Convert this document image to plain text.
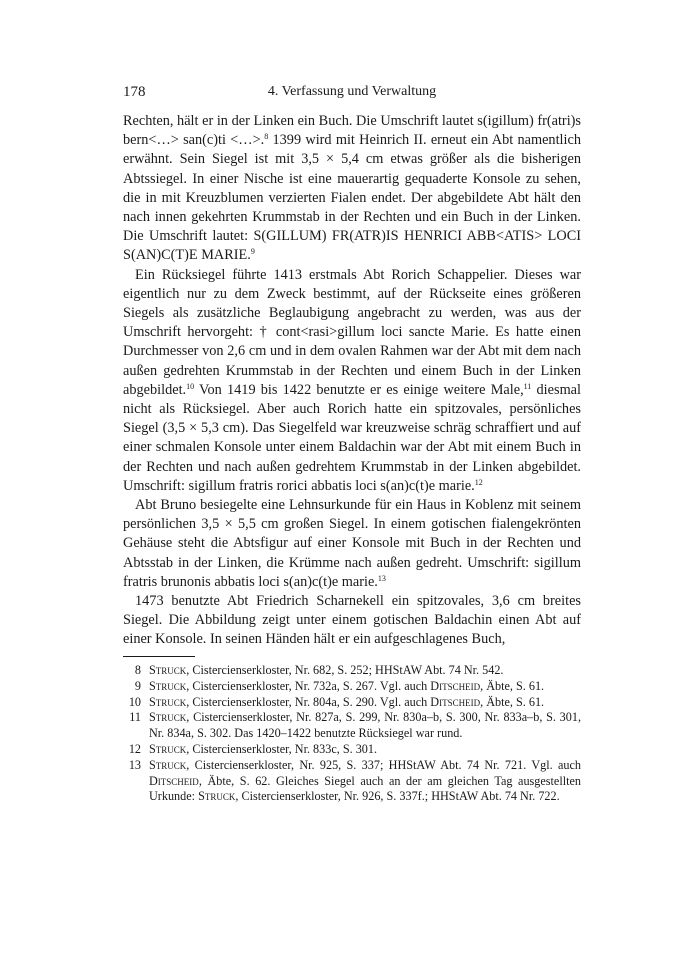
178	4. Verfassung und Verwaltung

Rechten, hält er in der Linken ein Buch. Die Umschrift lautet s(igillum) fr(atri)s bern<…> san(c)ti <…>.$^8$ 1399 wird mit Heinrich II. erneut ein Abt namentlich erwähnt. Sein Siegel ist mit 3,5 × 5,4 cm etwas größer als die bisherigen Abtssiegel. In einer Nische ist eine mauerartig gequaderte Konsole zu sehen, die in mit Kreuzblumen verzierten Fialen endet. Der abgebildete Abt hält den nach innen gekehrten Krummstab in der Rechten und ein Buch in der Linken. Die Umschrift lautet: S(GILLUM) FR(ATR)IS HENRICI ABB<ATIS> LOCI S(AN)C(T)E MARIE.$^9$

Ein Rücksiegel führte 1413 erstmals Abt Rorich Schappelier. Dieses war eigentlich nur zu dem Zweck bestimmt, auf der Rückseite eines größeren Siegels als zusätzliche Beglaubigung angebracht zu werden, was aus der Umschrift hervorgeht: † cont<rasi>gillum loci sancte Marie. Es hatte einen Durchmesser von 2,6 cm und in dem ovalen Rahmen war der Abt mit dem nach außen gedrehten Krummstab in der Rechten und einem Buch in der Linken abgebildet.$^{10}$ Von 1419 bis 1422 benutzte er es einige weitere Male,$^{11}$ diesmal nicht als Rücksiegel. Aber auch Rorich hatte ein spitzovales, persönliches Siegel (3,5 × 5,3 cm). Das Siegelfeld war kreuzweise schräg schraffiert und auf einer schmalen Konsole unter einem Baldachin war der Abt mit einem Buch in der Rechten und nach außen gedrehtem Krummstab in der Linken abgebildet. Umschrift: sigillum fratris rorici abbatis loci s(an)c(t)e marie.$^{12}$

Abt Bruno besiegelte eine Lehnsurkunde für ein Haus in Koblenz mit seinem persönlichen 3,5 × 5,5 cm großen Siegel. In einem gotischen fialengekrönten Gehäuse steht die Abtsfigur auf einer Konsole mit Buch in der Rechten und Abtsstab in der Linken, die Krümme nach außen gedreht. Umschrift: sigillum fratris brunonis abbatis loci s(an)c(t)e marie.$^{13}$

1473 benutzte Abt Friedrich Scharnekell ein spitzovales, 3,6 cm breites Siegel. Die Abbildung zeigt unter einem gotischen Baldachin einen Abt auf einer Konsole. In seinen Händen hält er ein aufgeschlagenes Buch,

8 Struck, Cistercienserkloster, Nr. 682, S. 252; HHStAW Abt. 74 Nr. 542.
9 Struck, Cistercienserkloster, Nr. 732a, S. 267. Vgl. auch Ditscheid, Äbte, S. 61.
10 Struck, Cistercienserkloster, Nr. 804a, S. 290. Vgl. auch Ditscheid, Äbte, S. 61.
11 Struck, Cistercienserkloster, Nr. 827a, S. 299, Nr. 830a–b, S. 300, Nr. 833a–b, S. 301, Nr. 834a, S. 302. Das 1420–1422 benutzte Rücksiegel war rund.
12 Struck, Cistercienserkloster, Nr. 833c, S. 301.
13 Struck, Cistercienserkloster, Nr. 925, S. 337; HHStAW Abt. 74 Nr. 721. Vgl. auch Ditscheid, Äbte, S. 62. Gleiches Siegel auch an der am gleichen Tag ausgestellten Urkunde: Struck, Cistercienserkloster, Nr. 926, S. 337f.; HHStAW Abt. 74 Nr. 722.
